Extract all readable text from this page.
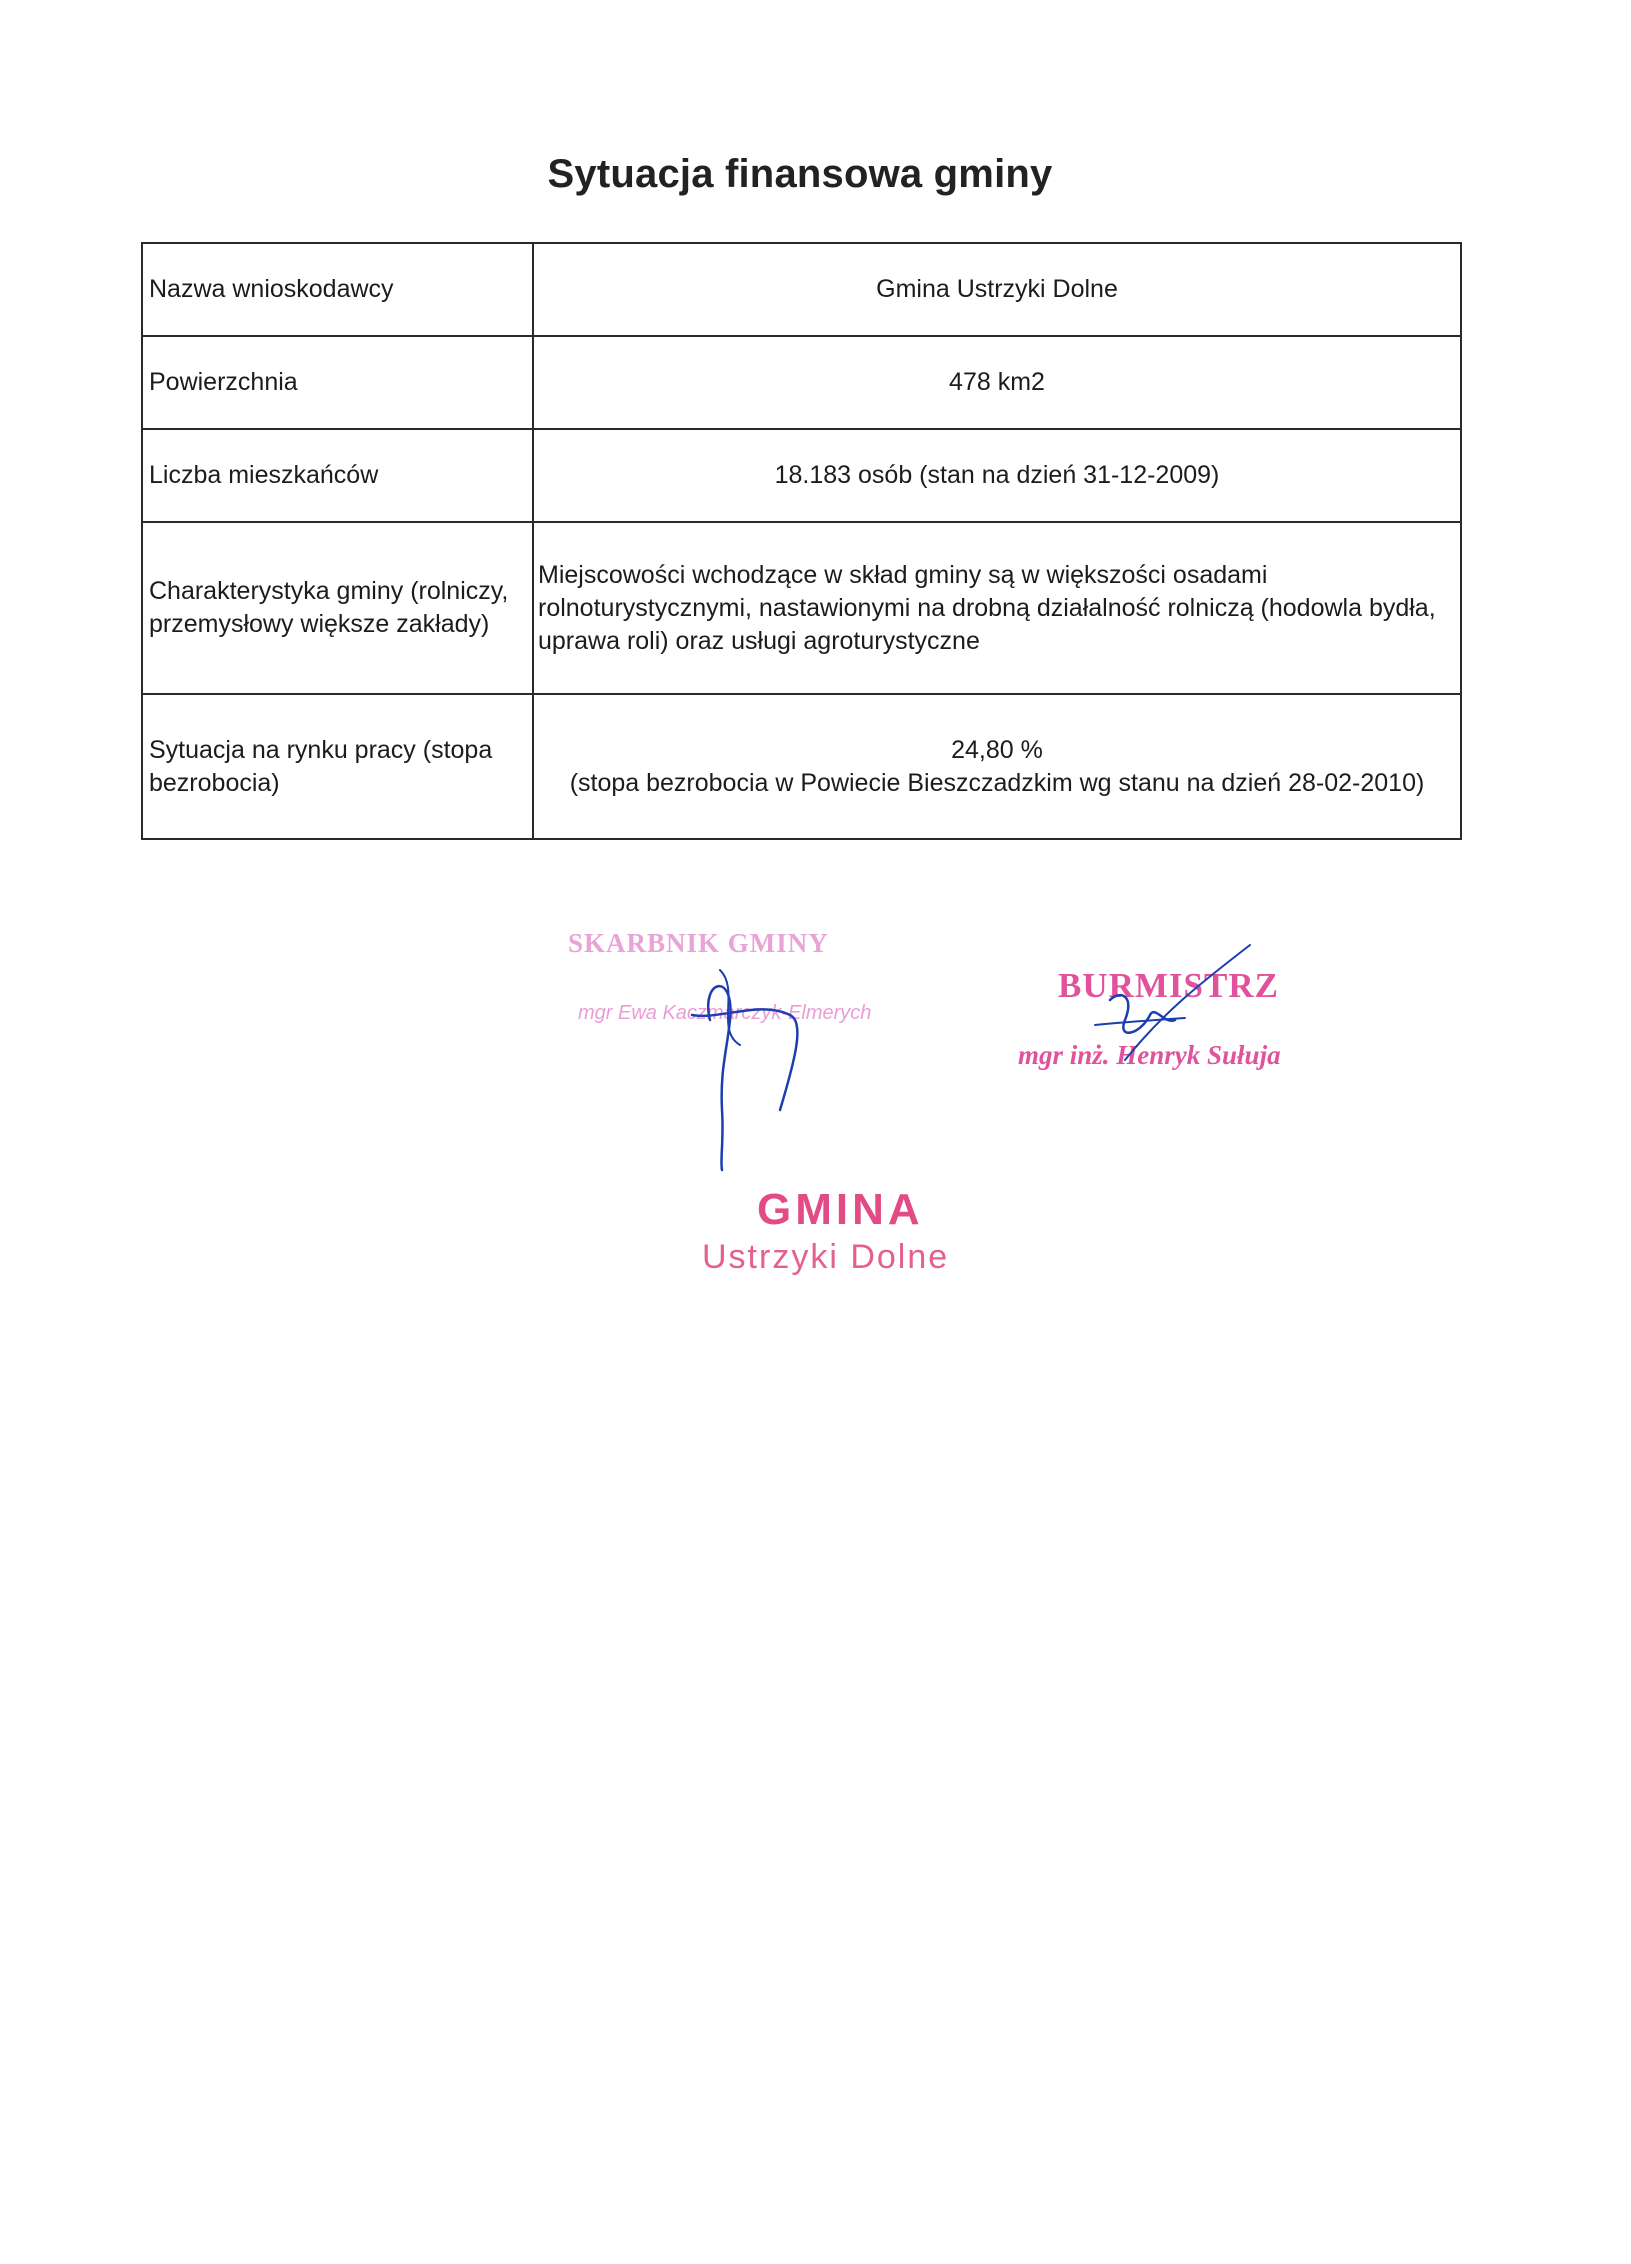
Sytuacja finansowa gminy
Nazwa wnioskodawcy	Gmina Ustrzyki Dolne
Powierzchnia	478 km2
Liczba mieszkańców	18.183 osób (stan na dzień 31-12-2009)
Charakterystyka gminy (rolniczy, przemysłowy większe zakłady)	Miejscowości wchodzące w skład gminy są w większości osadami rolnoturystycznymi, nastawionymi na drobną działalność rolniczą (hodowla bydła, uprawa roli) oraz usługi agroturystyczne
Sytuacja na rynku pracy (stopa bezrobocia)	24,80 %
(stopa bezrobocia w Powiecie Bieszczadzkim wg stanu na dzień 28-02-2010)
SKARBNIK GMINY
mgr Ewa Kaczmarczyk-Elmerych
BURMISTRZ
mgr inż. Henryk Sułuja
GMINA
Ustrzyki Dolne
